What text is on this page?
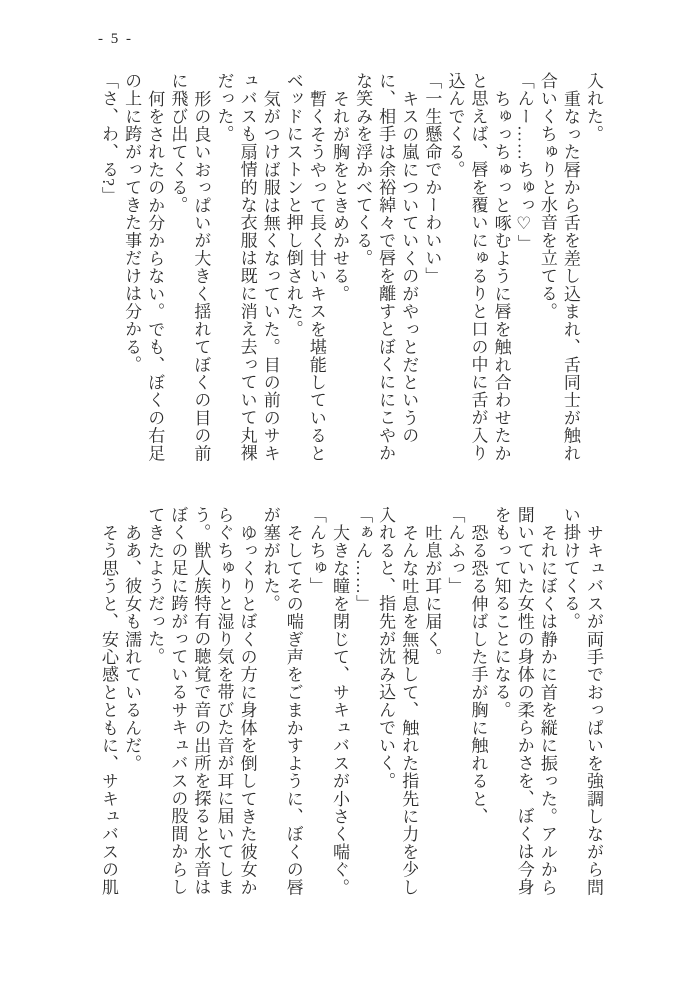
- 5 -

入れた。

重なった唇から舌を差し込まれ、舌同士が触れ合いくちゅりと水音を立てる。

「んー……ちゅっ♡」

ちゅっちゅっと啄むように唇を触れ合わせたかと思えば、唇を覆いにゅるりと口の中に舌が入り込んでくる。

「一生懸命でかーわいい」

キスの嵐についていくのがやっとだというのに、相手は余裕綽々で唇を離すとぼくににこやかな笑みを浮かべてくる。

それが胸をときめかせる。

暫くそうやって長く甘いキスを堪能しているとベッドにストンと押し倒された。

気がつけば服は無くなっていた。目の前のサキュバスも扇情的な衣服は既に消え去っていて丸裸だった。

形の良いおっぱいが大きく揺れてぼくの目の前に飛び出てくる。

何をされたのか分からない。でも、ぼくの右足の上に跨がってきた事だけは分かる。

「さ、わ、る?」

サキュバスが両手でおっぱいを強調しながら問い掛けてくる。

それにぼくは静かに首を縦に振った。アルから聞いていた女性の身体の柔らかさを、ぼくは今身をもって知ることになる。

恐る恐る伸ばした手が胸に触れると、

「んふっ」

吐息が耳に届く。

そんな吐息を無視して、触れた指先に力を少し入れると、指先が沈み込んでいく。

「ぁん……」

大きな瞳を閉じて、サキュバスが小さく喘ぐ。

「んちゅ」

そしてその喘ぎ声をごまかすように、ぼくの唇が塞がれた。

ゆっくりとぼくの方に身体を倒してきた彼女からぐちゅりと湿り気を帯びた音が耳に届いてしまう。獣人族特有の聴覚で音の出所を探ると水音はぼくの足に跨がっているサキュバスの股間からしてきたようだった。

ああ、彼女も濡れているんだ。

そう思うと、安心感とともに、サキュバスの肌
